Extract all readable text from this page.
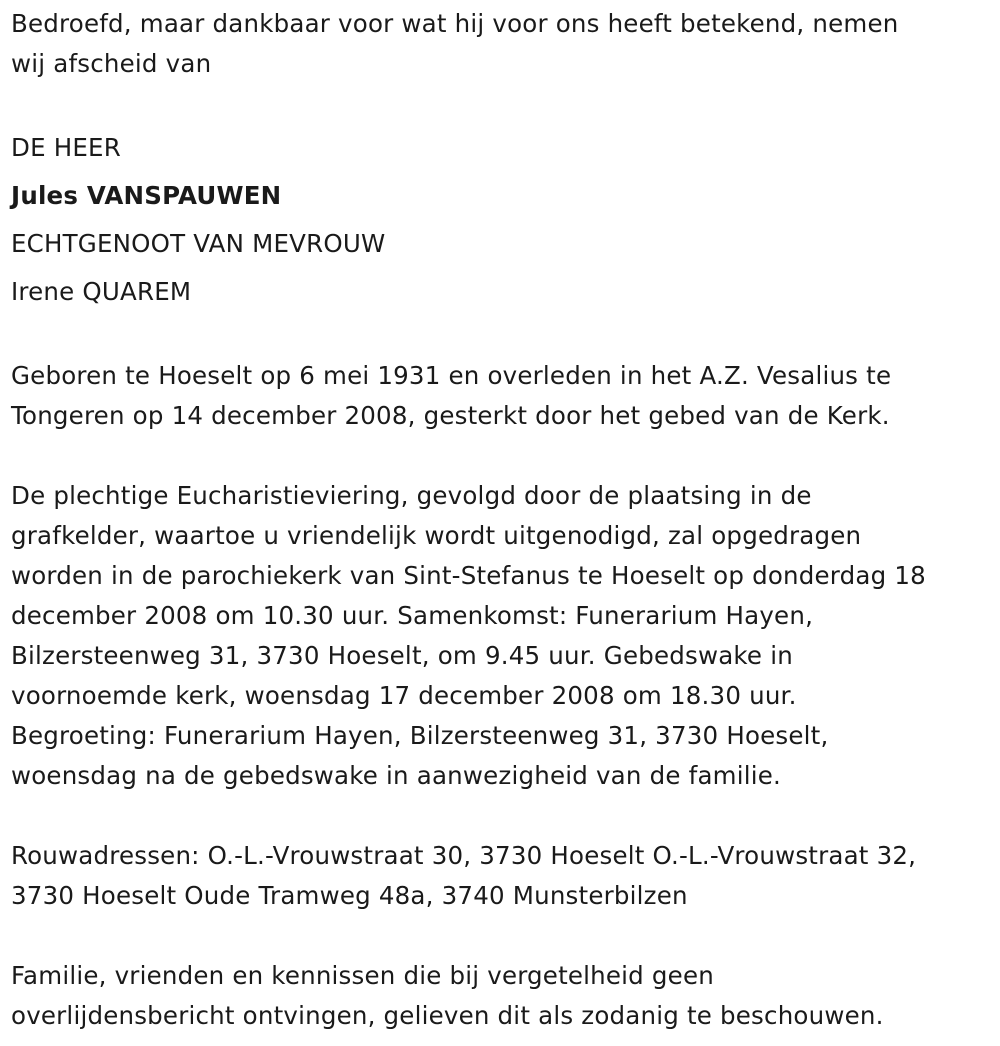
Bedroefd, maar dankbaar voor wat hij voor ons heeft betekend, nemen

wij afscheid van

DE HEER

Jules VANSPAUWEN

ECHTGENOOT VAN MEVROUW

Irene QUAREM

Geboren te Hoeselt op 6 mei 1931 en overleden in het A.Z. Vesalius te

Tongeren op 14 december 2008, gesterkt door het gebed van de Kerk.

De plechtige Eucharistieviering, gevolgd door de plaatsing in de

grafkelder, waartoe u vriendelijk wordt uitgenodigd, zal opgedragen

worden in de parochiekerk van Sint-Stefanus te Hoeselt op donderdag 18

december 2008 om 10.30 uur. Samenkomst: Funerarium Hayen,

Bilzersteenweg 31, 3730 Hoeselt, om 9.45 uur. Gebedswake in

voornoemde kerk, woensdag 17 december 2008 om 18.30 uur.

Begroeting: Funerarium Hayen, Bilzersteenweg 31, 3730 Hoeselt,

woensdag na de gebedswake in aanwezigheid van de familie.

Rouwadressen: O.-L.-Vrouwstraat 30, 3730 Hoeselt O.-L.-Vrouwstraat 32,

3730 Hoeselt Oude Tramweg 48a, 3740 Munsterbilzen

Familie, vrienden en kennissen die bij vergetelheid geen

overlijdensbericht ontvingen, gelieven dit als zodanig te beschouwen.
